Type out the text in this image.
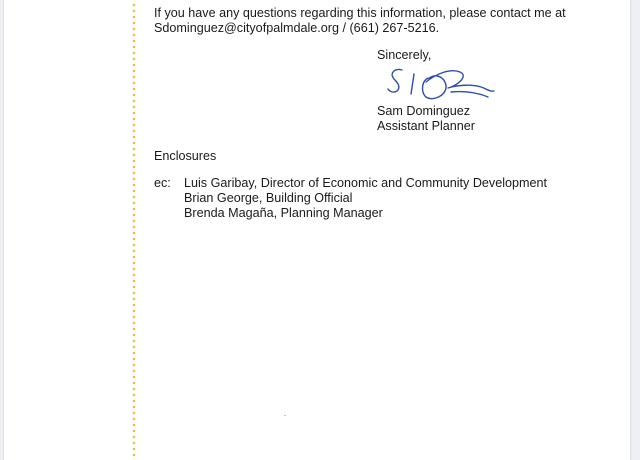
If you have any questions regarding this information, please contact me at
Sdominguez@cityofpalmdale.org / (661) 267-5216.
Sincerely,
Sam Dominguez
Assistant Planner
Enclosures
ec: Luis Garibay, Director of Economic and Community Development
Brian George, Building Official
Brenda Magaña, Planning Manager
